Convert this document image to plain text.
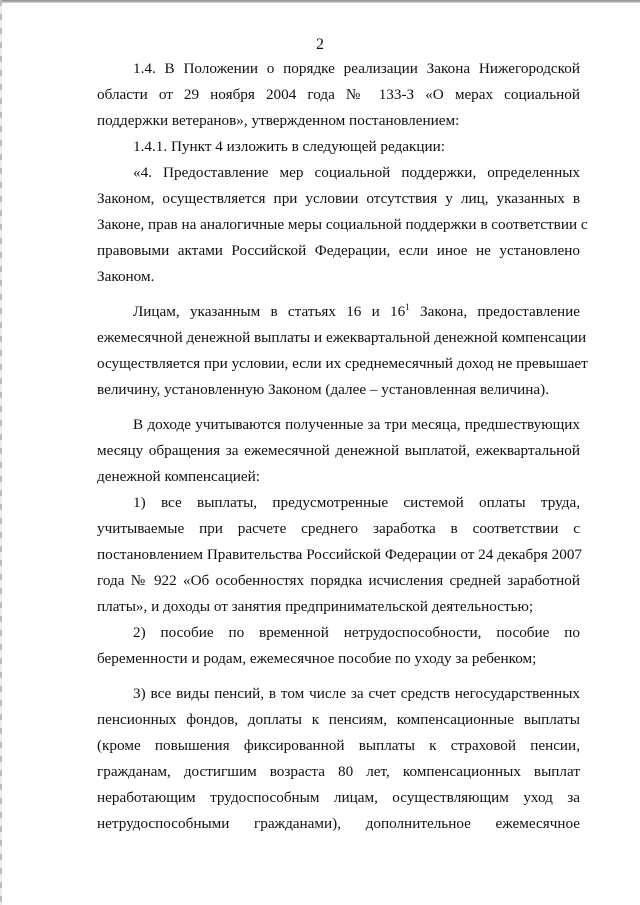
2
1.4. В Положении о порядке реализации Закона Нижегородской
области от 29 ноября 2004 года № 133-З «О мерах социальной
поддержки ветеранов», утвержденном постановлением:
1.4.1. Пункт 4 изложить в следующей редакции:
«4. Предоставление мер социальной поддержки, определенных
Законом, осуществляется при условии отсутствия у лиц, указанных в
Законе, прав на аналогичные меры социальной поддержки в соответствии с
правовыми актами Российской Федерации, если иное не установлено
Законом.
Лицам, указанным в статьях 16 и $16^1$ Закона, предоставление
ежемесячной денежной выплаты и ежеквартальной денежной компенсации
осуществляется при условии, если их среднемесячный доход не превышает
величину, установленную Законом (далее – установленная величина).
В доходе учитываются полученные за три месяца, предшествующих
месяцу обращения за ежемесячной денежной выплатой, ежеквартальной
денежной компенсацией:
1) все выплаты, предусмотренные системой оплаты труда,
учитываемые при расчете среднего заработка в соответствии с
постановлением Правительства Российской Федерации от 24 декабря 2007
года № 922 «Об особенностях порядка исчисления средней заработной
платы», и доходы от занятия предпринимательской деятельностью;
2) пособие по временной нетрудоспособности, пособие по
беременности и родам, ежемесячное пособие по уходу за ребенком;
3) все виды пенсий, в том числе за счет средств негосударственных
пенсионных фондов, доплаты к пенсиям, компенсационные выплаты
(кроме повышения фиксированной выплаты к страховой пенсии,
гражданам, достигшим возраста 80 лет, компенсационных выплат
неработающим трудоспособным лицам, осуществляющим уход за
нетрудоспособными гражданами), дополнительное ежемесячное
